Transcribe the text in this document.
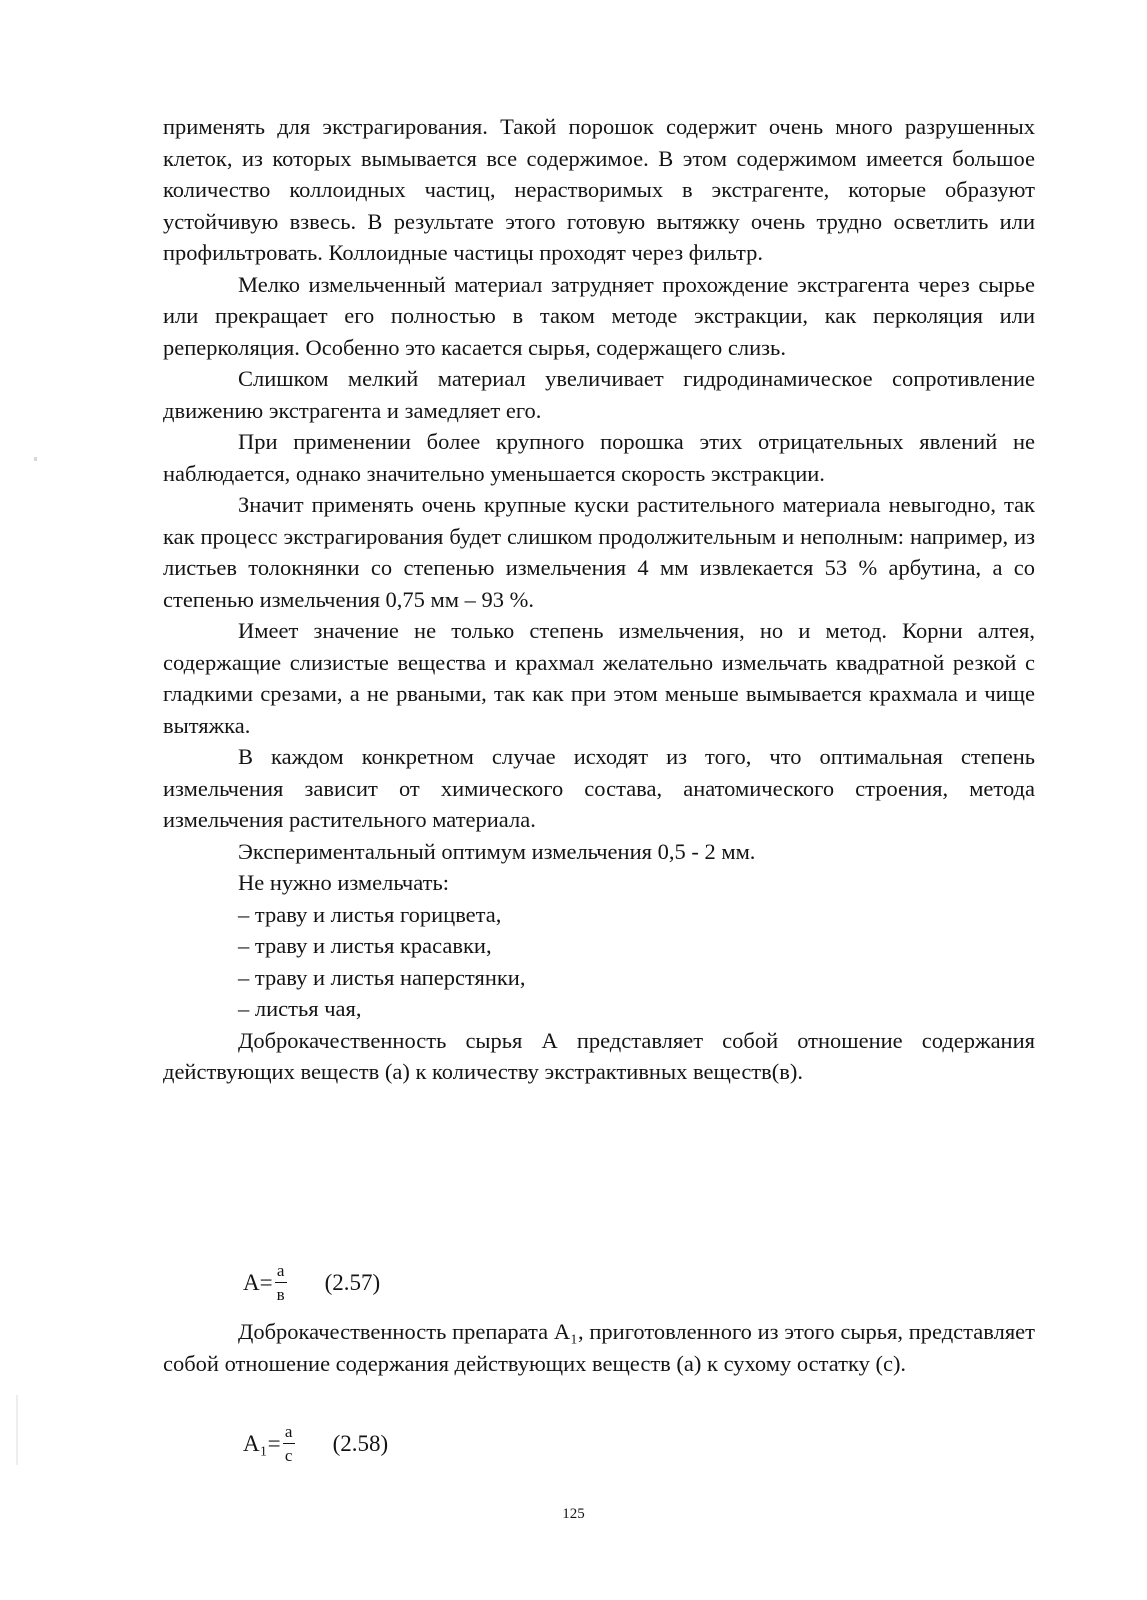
применять для экстрагирования. Такой порошок содержит очень много разрушенных клеток, из которых вымывается все содержимое. В этом содержимом имеется большое количество коллоидных частиц, нерастворимых в экстрагенте, которые образуют устойчивую взвесь. В результате этого готовую вытяжку очень трудно осветлить или профильтровать. Коллоидные частицы проходят через фильтр.

Мелко измельченный материал затрудняет прохождение экстрагента через сырье или прекращает его полностью в таком методе экстракции, как перколяция или реперколяция. Особенно это касается сырья, содержащего слизь.

Слишком мелкий материал увеличивает гидродинамическое сопротивление движению экстрагента и замедляет его.

При применении более крупного порошка этих отрицательных явлений не наблюдается, однако значительно уменьшается скорость экстракции.

Значит применять очень крупные куски растительного материала невыгодно, так как процесс экстрагирования будет слишком продолжительным и неполным: например, из листьев толокнянки со степенью измельчения 4 мм извлекается 53 % арбутина, а со степенью измельчения 0,75 мм – 93 %.

Имеет значение не только степень измельчения, но и метод. Корни алтея, содержащие слизистые вещества и крахмал желательно измельчать квадратной резкой с гладкими срезами, а не рваными, так как при этом меньше вымывается крахмала и чище вытяжка.

В каждом конкретном случае исходят из того, что оптимальная степень измельчения зависит от химического состава, анатомического строения, метода измельчения растительного материала.

Экспериментальный оптимум измельчения 0,5 - 2 мм.

Не нужно измельчать:

– траву и листья горицвета,

– траву и листья красавки,

– траву и листья наперстянки,

– листья чая,

Доброкачественность сырья А представляет собой отношение содержания действующих веществ (а) к количеству экстрактивных веществ(в).

$А= \frac{а}{в} (2.57)$

Доброкачественность препарата А₁, приготовленного из этого сырья, представляет собой отношение содержания действующих веществ (а) к сухому остатку (с).

$А_1= \frac{а}{с} (2.58)$
125
